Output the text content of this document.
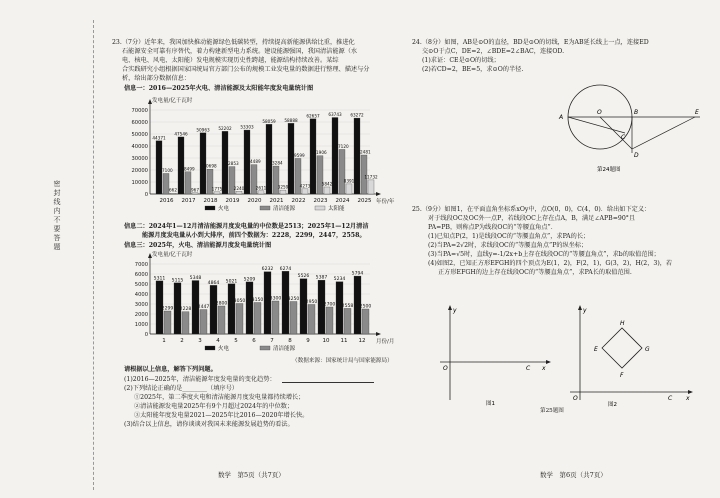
密封线内不要答题
23.（7分）近年来，我国加快推动能源绿色低碳转型，持续提高新能源供给比重，推进化
石能源安全可靠有序替代，着力构建新型电力系统。建设能源强国，我国清洁能源（水
电、核电、风电、太阳能）发电规模实现历史性跨越，能源结构持续改善。某综
合实践研究小组根据国家国统局官方部门公布的规模工业发电量的数据进行整理、描述与分
析，给出部分数据信息：
信息一：2016—2025年火电、清洁能源及太阳能年度发电量统计图
0
10000
20000
30000
40000
50000
60000
70000
发电量/亿千瓦时
年份/年
44371
17100
662
2016
47546
18499
967
2017
50963
20698
1775
2018
52202
22853
2240
2019
53303
24489
2611
2020
58059
23284
3259
2021
58888
29599
4273
2022
62657
31906
5842
2023
63743
37120
8391
2024
63272
32481
11732
2025
火电	清洁能源	太阳能
信息二：2024年1—12月清洁能源月度发电量的中位数是2513；2025年1—12月清洁
能源月度发电量从小到大排序，前四个数据为：2228，2299，2447，2558。
信息三：2025年，火电、清洁能源月度发电量统计图
0
1000
2000
3000
4000
5000
6000
7000
发电量/亿千瓦时
月份/月
5311
2299
1
5115
2228
2
5348
2447
3
4864
2800
4
5021
3050
5
5209
3150
6
6232
3300
7
6274
3250
8
5526
2950
9
5387
2700
10
5234
2558
11
5794
2500
12
火电	清洁能源
（数据来源：国家统计局与国家能源局）
请根据以上信息，解答下列问题。
(1)2016—2025年，清洁能源年度发电量的变化趋势：
(2)下列结论正确的是________（填序号）
①2025年，第二季度火电和清洁能源月度发电量都持续增长；
②清洁能源发电量2025年有9个月超过2024年的中位数；
③太阳能年度发电量2021—2025年比2016—2020年增长快。
(3)结合以上信息，请你谈谈对我国未来能源发展趋势的看法。
24.（8分）如图，AB是⊙O的直径，BD是⊙O的切线，E为AB延长线上一点，连接ED
交⊙O于点C，DE=2，∠BDE=2∠BAC，连接OD.
(1)求证：CE是⊙O的切线；
(2)若CD=2，BE=5，求⊙O的半径.
A
O	B	E
C
D
第24题图
25.（9分）如图1，在平面直角坐标系xOy中，点O(0，0)，C(4，0)．给出如下定义：
对于线段OC及OC外一点P，若线段OC上存在点A，B，满足∠APB=90°且
PA=PB，则称点P为线段OC的“等腰直角点”．
(1)已知点P(2，1)是线段OC的“等腰直角点”，求PA的长；
(2)当PA=2√2时，求线段OC的“等腰直角点”P的纵坐标；
(3)当PA=√5时，直线y=-1/2x+b上存在线段OC的“等腰直角点”，求b的取值范围；
(4)如图2，已知正方形EFGH的四个顶点为E(1，2)，F(2，1)，G(3，2)，H(2，3)，若
正方形EFGH的边上存在线段OC的“等腰直角点”，求PA长的取值范围.
y
x
O	C
图1
y
x
O	C
E
F
G
H
图2
第25题图
数学　第5页（共7页）	数学　第6页（共7页）
